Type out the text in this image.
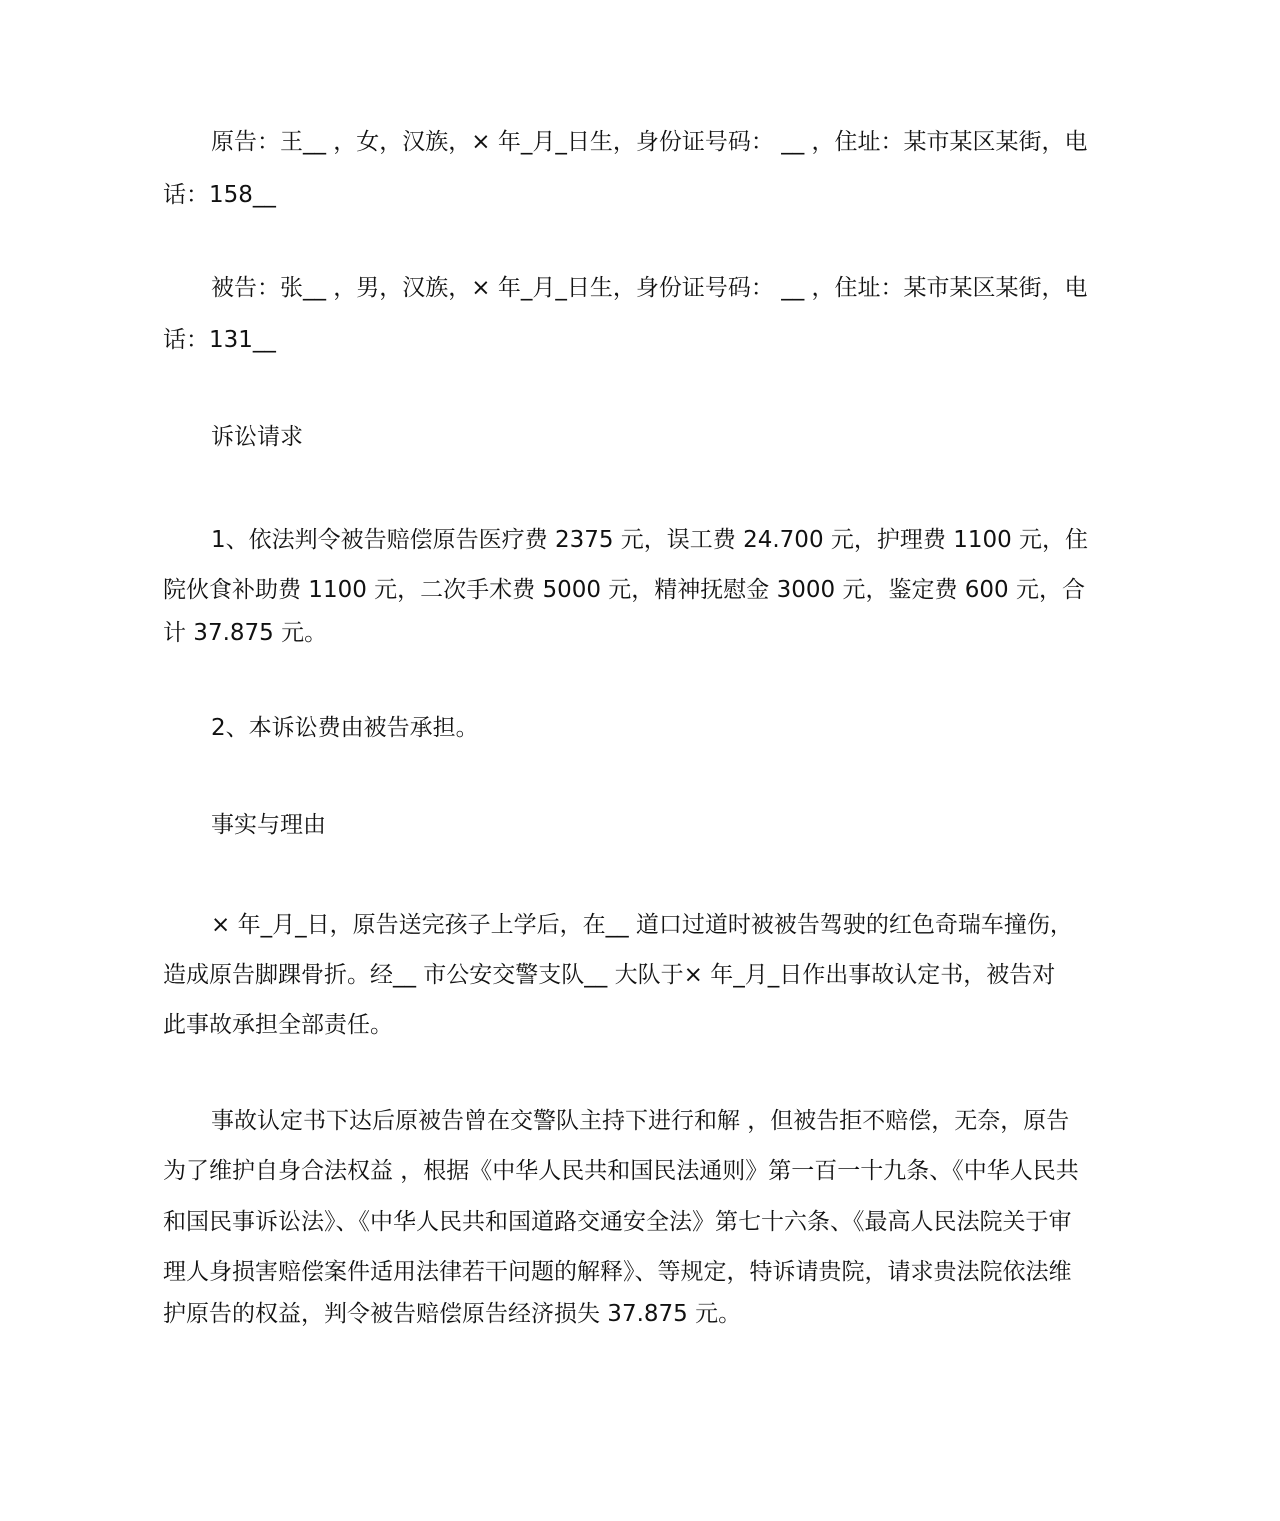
原告：王__ ，女，汉族，× 年_月_日生，身份证号码： __ ，住址：某市某区某街，电
话：158__
被告：张__ ，男，汉族，× 年_月_日生，身份证号码： __ ，住址：某市某区某街，电
话：131__
诉讼请求
1、依法判令被告赔偿原告医疗费 2375 元，误工费 24.700 元，护理费 1100 元，住
院伙食补助费 1100 元，二次手术费 5000 元，精神抚慰金 3000 元，鉴定费 600 元，合
计 37.875 元。
2、本诉讼费由被告承担。
事实与理由
× 年_月_日，原告送完孩子上学后，在__ 道口过道时被被告驾驶的红色奇瑞车撞伤，
造成原告脚踝骨折。经__ 市公安交警支队__ 大队于× 年_月_日作出事故认定书，被告对
此事故承担全部责任。
事故认定书下达后原被告曾在交警队主持下进行和解 ，但被告拒不赔偿，无奈，原告
为了维护自身合法权益 ，根据《中华人民共和国民法通则》第一百一十九条、《中华人民共
和国民事诉讼法》、《中华人民共和国道路交通安全法》第七十六条、《最高人民法院关于审
理人身损害赔偿案件适用法律若干问题的解释》、等规定，特诉请贵院，请求贵法院依法维
护原告的权益，判令被告赔偿原告经济损失 37.875 元。
